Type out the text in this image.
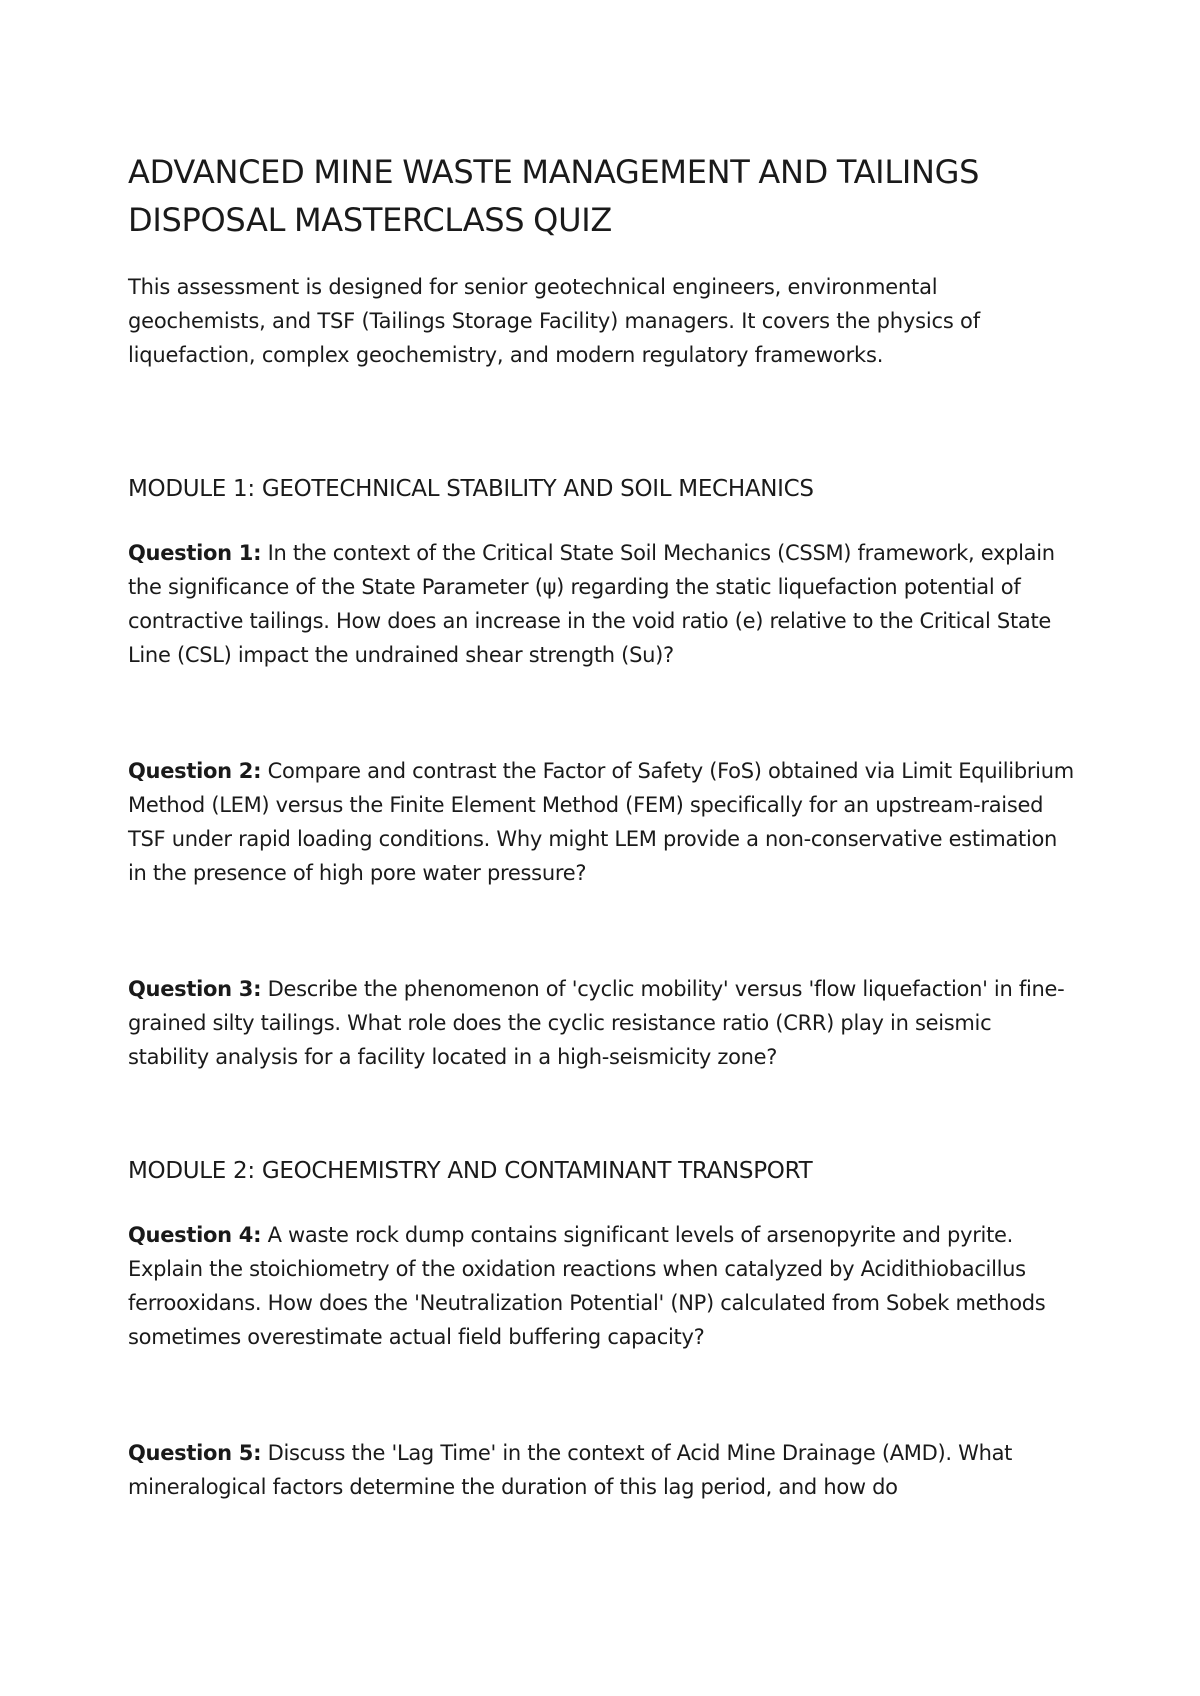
ADVANCED MINE WASTE MANAGEMENT AND TAILINGS DISPOSAL MASTERCLASS QUIZ

This assessment is designed for senior geotechnical engineers, environmental geochemists, and TSF (Tailings Storage Facility) managers. It covers the physics of liquefaction, complex geochemistry, and modern regulatory frameworks.

MODULE 1: GEOTECHNICAL STABILITY AND SOIL MECHANICS

Question 1: In the context of the Critical State Soil Mechanics (CSSM) framework, explain the significance of the State Parameter (ψ) regarding the static liquefaction potential of contractive tailings. How does an increase in the void ratio (e) relative to the Critical State Line (CSL) impact the undrained shear strength (Su)?

Question 2: Compare and contrast the Factor of Safety (FoS) obtained via Limit Equilibrium Method (LEM) versus the Finite Element Method (FEM) specifically for an upstream-raised TSF under rapid loading conditions. Why might LEM provide a non-conservative estimation in the presence of high pore water pressure?

Question 3: Describe the phenomenon of 'cyclic mobility' versus 'flow liquefaction' in fine-grained silty tailings. What role does the cyclic resistance ratio (CRR) play in seismic stability analysis for a facility located in a high-seismicity zone?

MODULE 2: GEOCHEMISTRY AND CONTAMINANT TRANSPORT

Question 4: A waste rock dump contains significant levels of arsenopyrite and pyrite. Explain the stoichiometry of the oxidation reactions when catalyzed by Acidithiobacillus ferrooxidans. How does the 'Neutralization Potential' (NP) calculated from Sobek methods sometimes overestimate actual field buffering capacity?

Question 5: Discuss the 'Lag Time' in the context of Acid Mine Drainage (AMD). What mineralogical factors determine the duration of this lag period, and how do
